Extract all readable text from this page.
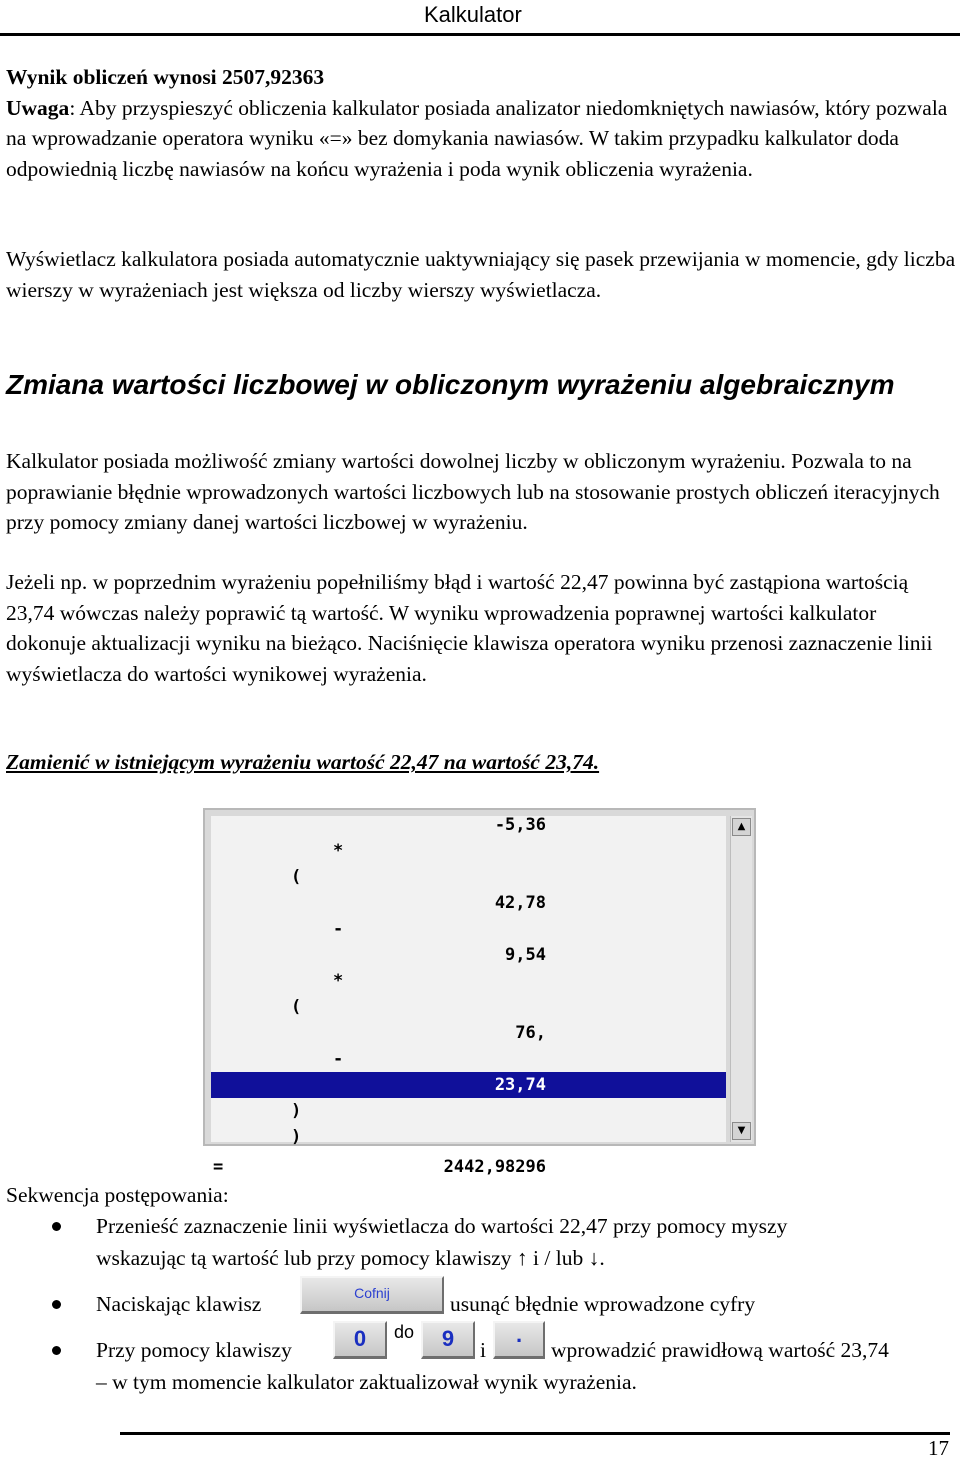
Kalkulator
Wynik obliczeń wynosi 2507,92363
Uwaga: Aby przyspieszyć obliczenia kalkulator posiada analizator niedomkniętych nawiasów, który pozwala na wprowadzanie operatora wyniku «=» bez domykania nawiasów. W takim przypadku kalkulator doda odpowiednią liczbę nawiasów na końcu wyrażenia i poda wynik obliczenia wyrażenia.
Wyświetlacz kalkulatora posiada automatycznie uaktywniający się pasek przewijania w momencie, gdy liczba wierszy w wyrażeniach jest większa od liczby wierszy wyświetlacza.
Zmiana wartości liczbowej w obliczonym wyrażeniu algebraicznym
Kalkulator posiada możliwość zmiany wartości dowolnej liczby w obliczonym wyrażeniu. Pozwala to na poprawianie błędnie wprowadzonych wartości liczbowych lub na stosowanie prostych obliczeń iteracyjnych przy pomocy zmiany danej wartości liczbowej w wyrażeniu.
Jeżeli np. w poprzednim wyrażeniu popełniliśmy błąd i wartość 22,47 powinna być zastąpiona wartością 23,74 wówczas należy poprawić tą wartość. W wyniku wprowadzenia poprawnej wartości kalkulator dokonuje aktualizacji wyniku na bieżąco. Naciśnięcie klawisza operatora wyniku przenosi zaznaczenie linii wyświetlacza do wartości wynikowej wyrażenia.
Zamienić w istniejącym wyrażeniu wartość 22,47 na wartość 23,74.
-5,36
*
(
42,78
-
9,54
*
(
76,
-
23,74
)
)
2442,98296
=
▲
▼
Sekwencja postępowania:
Przenieść zaznaczenie linii wyświetlacza do wartości 22,47 przy pomocy myszy
wskazując tą wartość lub przy pomocy klawiszy ↑ i / lub ↓.
Naciskając klawisz	Cofnij	usunąć błędnie wprowadzone cyfry
Przy pomocy klawiszy	0	do	9	i
.
wprowadzić prawidłową wartość 23,74
– w tym momencie kalkulator zaktualizował wynik wyrażenia.
17
